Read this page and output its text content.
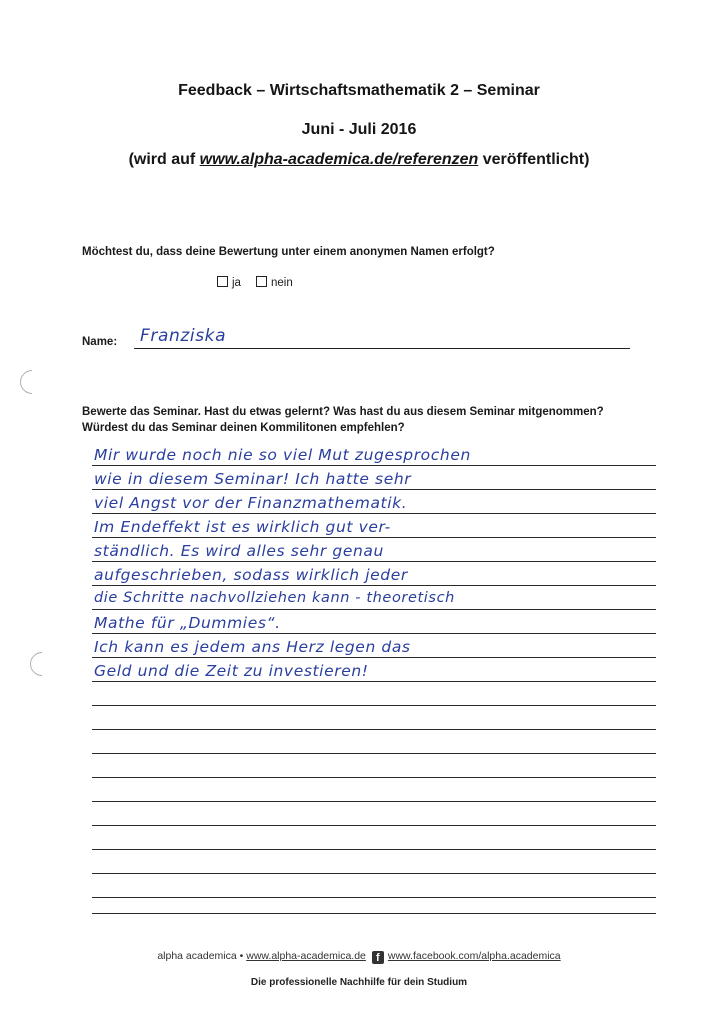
Feedback – Wirtschaftsmathematik 2 – Seminar
Juni - Juli 2016
(wird auf www.alpha-academica.de/referenzen veröffentlicht)
Möchtest du, dass deine Bewertung unter einem anonymen Namen erfolgt?
ja	nein
Name: Franziska
Bewerte das Seminar. Hast du etwas gelernt? Was hast du aus diesem Seminar mitgenommen?
Würdest du das Seminar deinen Kommilitonen empfehlen?
Mir wurde noch nie so viel Mut zugesprochen
wie in diesem Seminar! Ich hatte sehr
viel Angst vor der Finanzmathematik.
Im Endeffekt ist es wirklich gut ver-
ständlich. Es wird alles sehr genau
aufgeschrieben, sodass wirklich jeder
die Schritte nachvollziehen kann - theoretisch
Mathe für „Dummies“.
Ich kann es jedem ans Herz legen das
Geld und die Zeit zu investieren!
alpha academica • www.alpha-academica.de f www.facebook.com/alpha.academica
Die professionelle Nachhilfe für dein Studium
